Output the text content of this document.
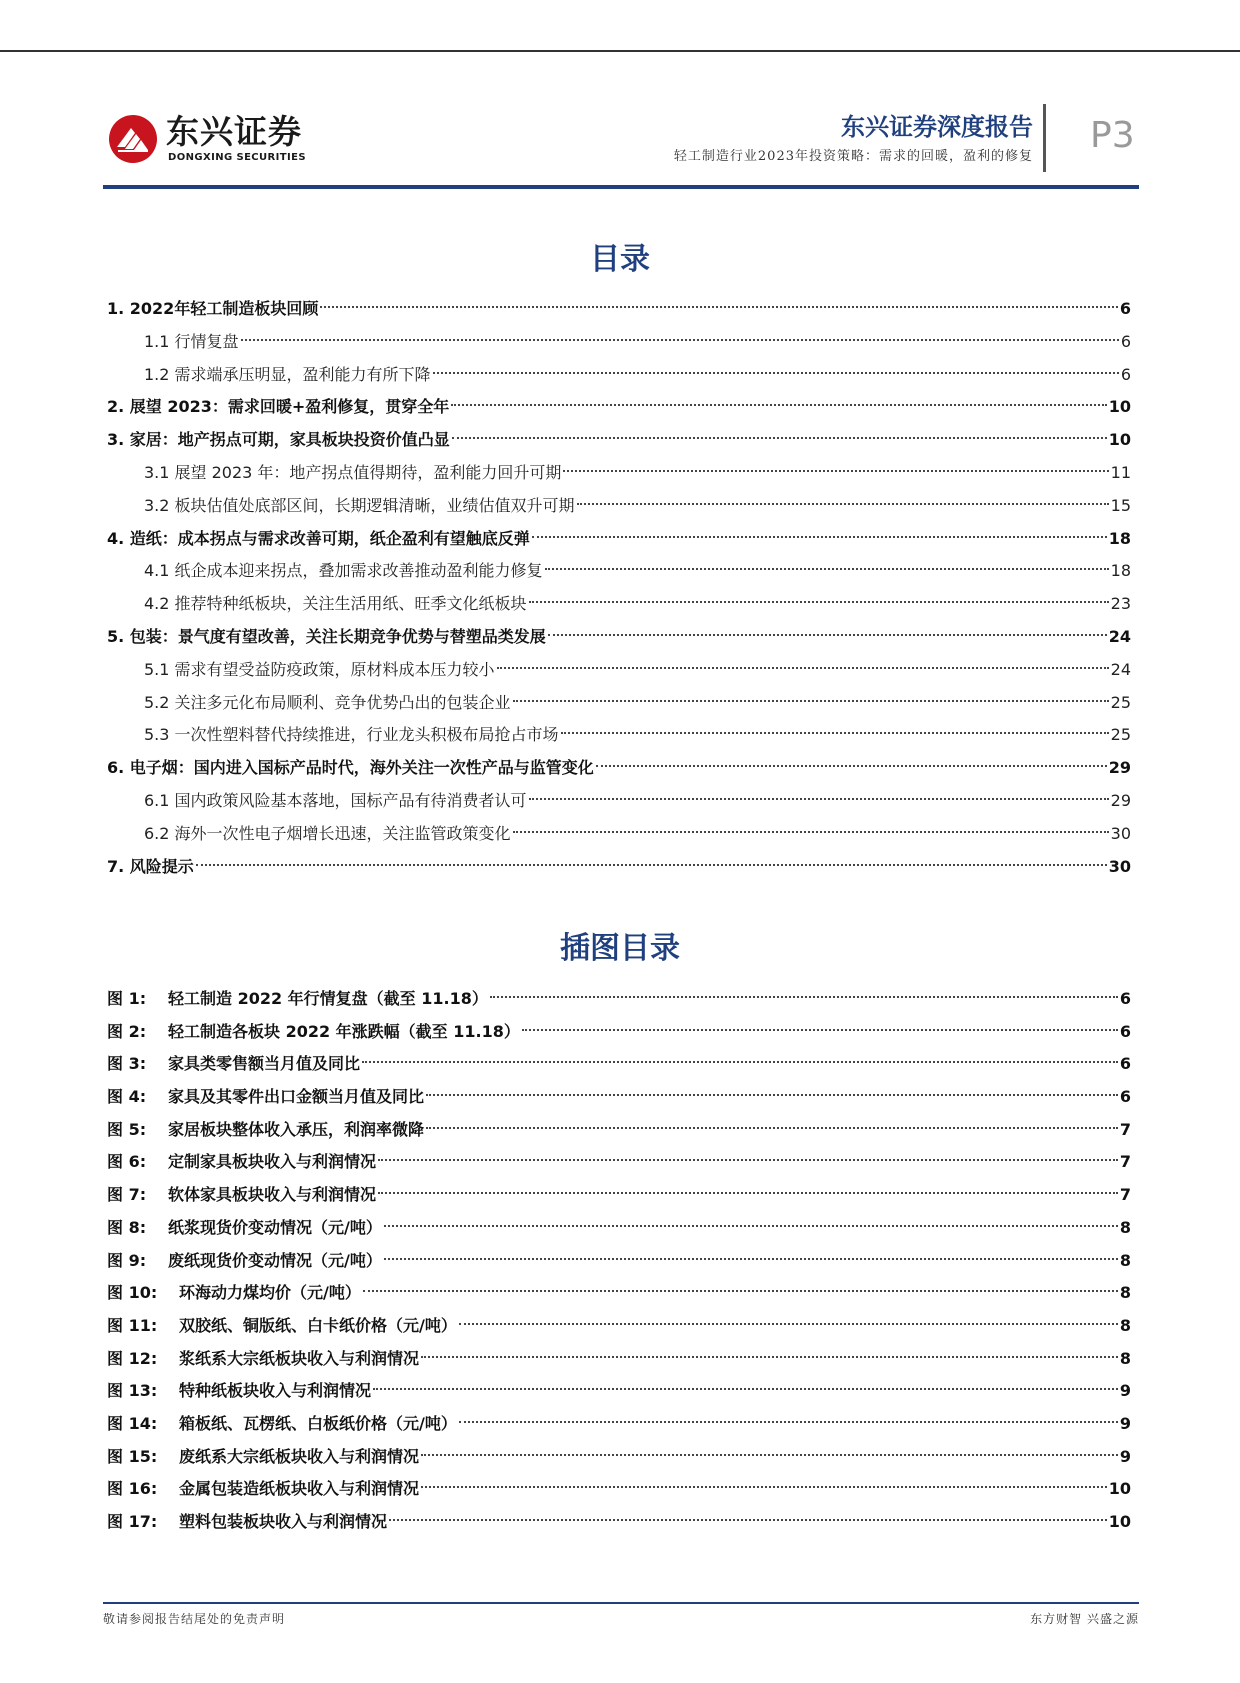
东兴证券
DONGXING SECURITIES
东兴证券深度报告
轻工制造行业2023年投资策略：需求的回暖，盈利的修复
P3
目录
1. 2022年轻工制造板块回顾	6
1.1 行情复盘	6
1.2 需求端承压明显，盈利能力有所下降	6
2. 展望 2023：需求回暖+盈利修复，贯穿全年	10
3. 家居：地产拐点可期，家具板块投资价值凸显	10
3.1 展望 2023 年：地产拐点值得期待，盈利能力回升可期	11
3.2 板块估值处底部区间，长期逻辑清晰，业绩估值双升可期	15
4. 造纸：成本拐点与需求改善可期，纸企盈利有望触底反弹	18
4.1 纸企成本迎来拐点，叠加需求改善推动盈利能力修复	18
4.2 推荐特种纸板块，关注生活用纸、旺季文化纸板块	23
5. 包装：景气度有望改善，关注长期竞争优势与替塑品类发展	24
5.1 需求有望受益防疫政策，原材料成本压力较小	24
5.2 关注多元化布局顺利、竞争优势凸出的包装企业	25
5.3 一次性塑料替代持续推进，行业龙头积极布局抢占市场	25
6. 电子烟：国内进入国标产品时代，海外关注一次性产品与监管变化	29
6.1 国内政策风险基本落地，国标产品有待消费者认可	29
6.2 海外一次性电子烟增长迅速，关注监管政策变化	30
7. 风险提示	30
插图目录
图 1:	轻工制造 2022 年行情复盘（截至 11.18）	6
图 2:	轻工制造各板块 2022 年涨跌幅（截至 11.18）	6
图 3:	家具类零售额当月值及同比	6
图 4:	家具及其零件出口金额当月值及同比	6
图 5:	家居板块整体收入承压，利润率微降	7
图 6:	定制家具板块收入与利润情况	7
图 7:	软体家具板块收入与利润情况	7
图 8:	纸浆现货价变动情况（元/吨）	8
图 9:	废纸现货价变动情况（元/吨）	8
图 10:	环海动力煤均价（元/吨）	8
图 11:	双胶纸、铜版纸、白卡纸价格（元/吨）	8
图 12:	浆纸系大宗纸板块收入与利润情况	8
图 13:	特种纸板块收入与利润情况	9
图 14:	箱板纸、瓦楞纸、白板纸价格（元/吨）	9
图 15:	废纸系大宗纸板块收入与利润情况	9
图 16:	金属包装造纸板块收入与利润情况	10
图 17:	塑料包装板块收入与利润情况	10
敬请参阅报告结尾处的免责声明	东方财智 兴盛之源
